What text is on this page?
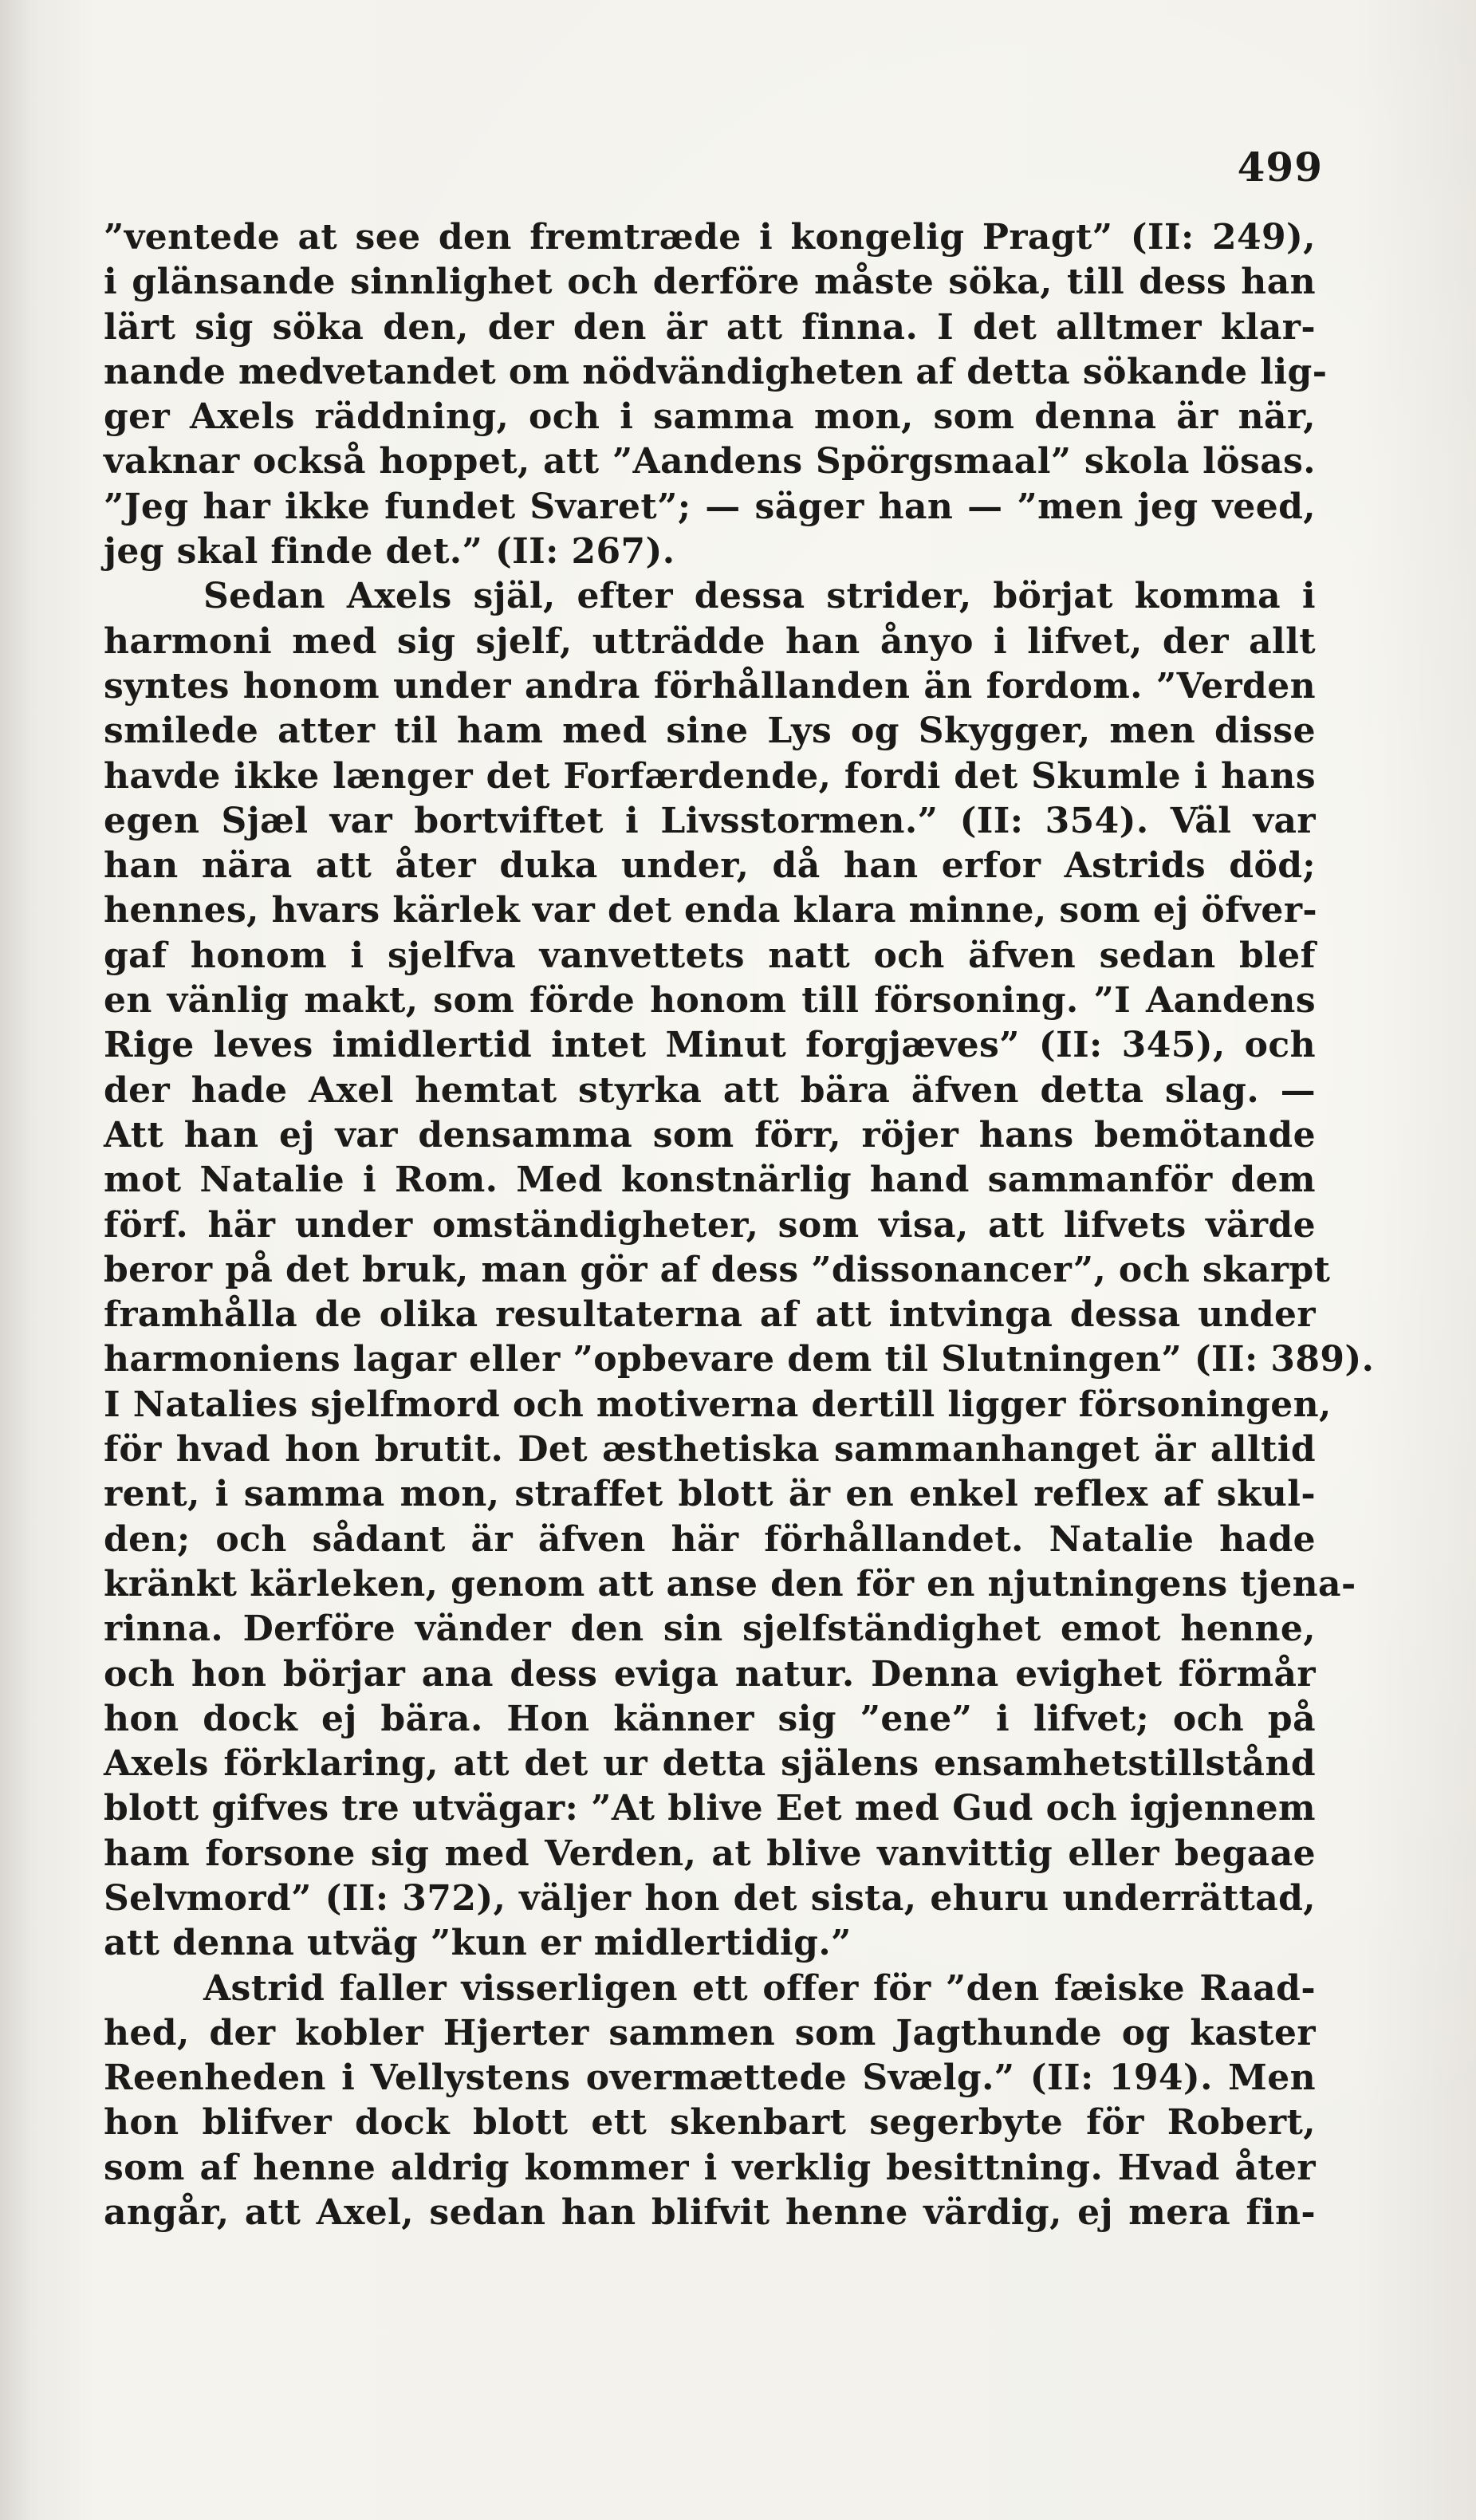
499
”ventede at see den fremtræde i kongelig Pragt” (II: 249),
i glänsande sinnlighet och derföre måste söka, till dess han
lärt sig söka den, der den är att finna. I det alltmer klar-
nande medvetandet om nödvändigheten af detta sökande lig-
ger Axels räddning, och i samma mon, som denna är när,
vaknar också hoppet, att ”Aandens Spörgsmaal” skola lösas.
”Jeg har ikke fundet Svaret”; — säger han — ”men jeg veed,
jeg skal finde det.” (II: 267).
Sedan Axels själ, efter dessa strider, börjat komma i
harmoni med sig sjelf, utträdde han ånyo i lifvet, der allt
syntes honom under andra förhållanden än fordom. ”Verden
smilede atter til ham med sine Lys og Skygger, men disse
havde ikke længer det Forfærdende, fordi det Skumle i hans
egen Sjæl var bortviftet i Livsstormen.” (II: 354). Väl var
han nära att åter duka under, då han erfor Astrids död;
hennes, hvars kärlek var det enda klara minne, som ej öfver-
gaf honom i sjelfva vanvettets natt och äfven sedan blef
en vänlig makt, som förde honom till försoning. ”I Aandens
Rige leves imidlertid intet Minut forgjæves” (II: 345), och
der hade Axel hemtat styrka att bära äfven detta slag. —
Att han ej var densamma som förr, röjer hans bemötande
mot Natalie i Rom. Med konstnärlig hand sammanför dem
förf. här under omständigheter, som visa, att lifvets värde
beror på det bruk, man gör af dess ”dissonancer”, och skarpt
framhålla de olika resultaterna af att intvinga dessa under
harmoniens lagar eller ”opbevare dem til Slutningen” (II: 389).
I Natalies sjelfmord och motiverna dertill ligger försoningen,
för hvad hon brutit. Det æsthetiska sammanhanget är alltid
rent, i samma mon, straffet blott är en enkel reflex af skul-
den; och sådant är äfven här förhållandet. Natalie hade
kränkt kärleken, genom att anse den för en njutningens tjena-
rinna. Derföre vänder den sin sjelfständighet emot henne,
och hon börjar ana dess eviga natur. Denna evighet förmår
hon dock ej bära. Hon känner sig ”ene” i lifvet; och på
Axels förklaring, att det ur detta själens ensamhetstillstånd
blott gifves tre utvägar: ”At blive Eet med Gud och igjennem
ham forsone sig med Verden, at blive vanvittig eller begaae
Selvmord” (II: 372), väljer hon det sista, ehuru underrättad,
att denna utväg ”kun er midlertidig.”
Astrid faller visserligen ett offer för ”den fæiske Raad-
hed, der kobler Hjerter sammen som Jagthunde og kaster
Reenheden i Vellystens overmættede Svælg.” (II: 194). Men
hon blifver dock blott ett skenbart segerbyte för Robert,
som af henne aldrig kommer i verklig besittning. Hvad åter
angår, att Axel, sedan han blifvit henne värdig, ej mera fin-
